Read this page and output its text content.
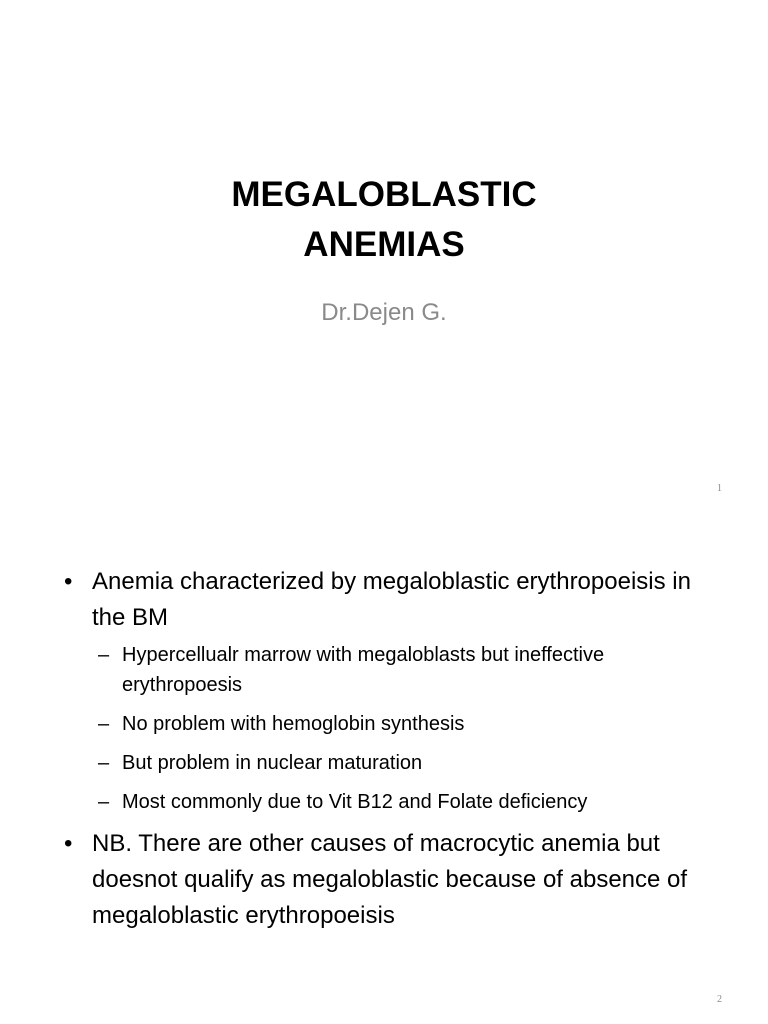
MEGALOBLASTIC
ANEMIAS
Dr.Dejen G.
1
• Anemia characterized by megaloblastic erythropoeisis in the BM
– Hypercellualr marrow with megaloblasts but ineffective erythropoesis
– No problem with hemoglobin synthesis
– But problem in nuclear maturation
– Most commonly due to Vit B12 and Folate deficiency
• NB. There are other causes of macrocytic anemia but doesnot qualify as megaloblastic because of absence of megaloblastic erythropoeisis
2
